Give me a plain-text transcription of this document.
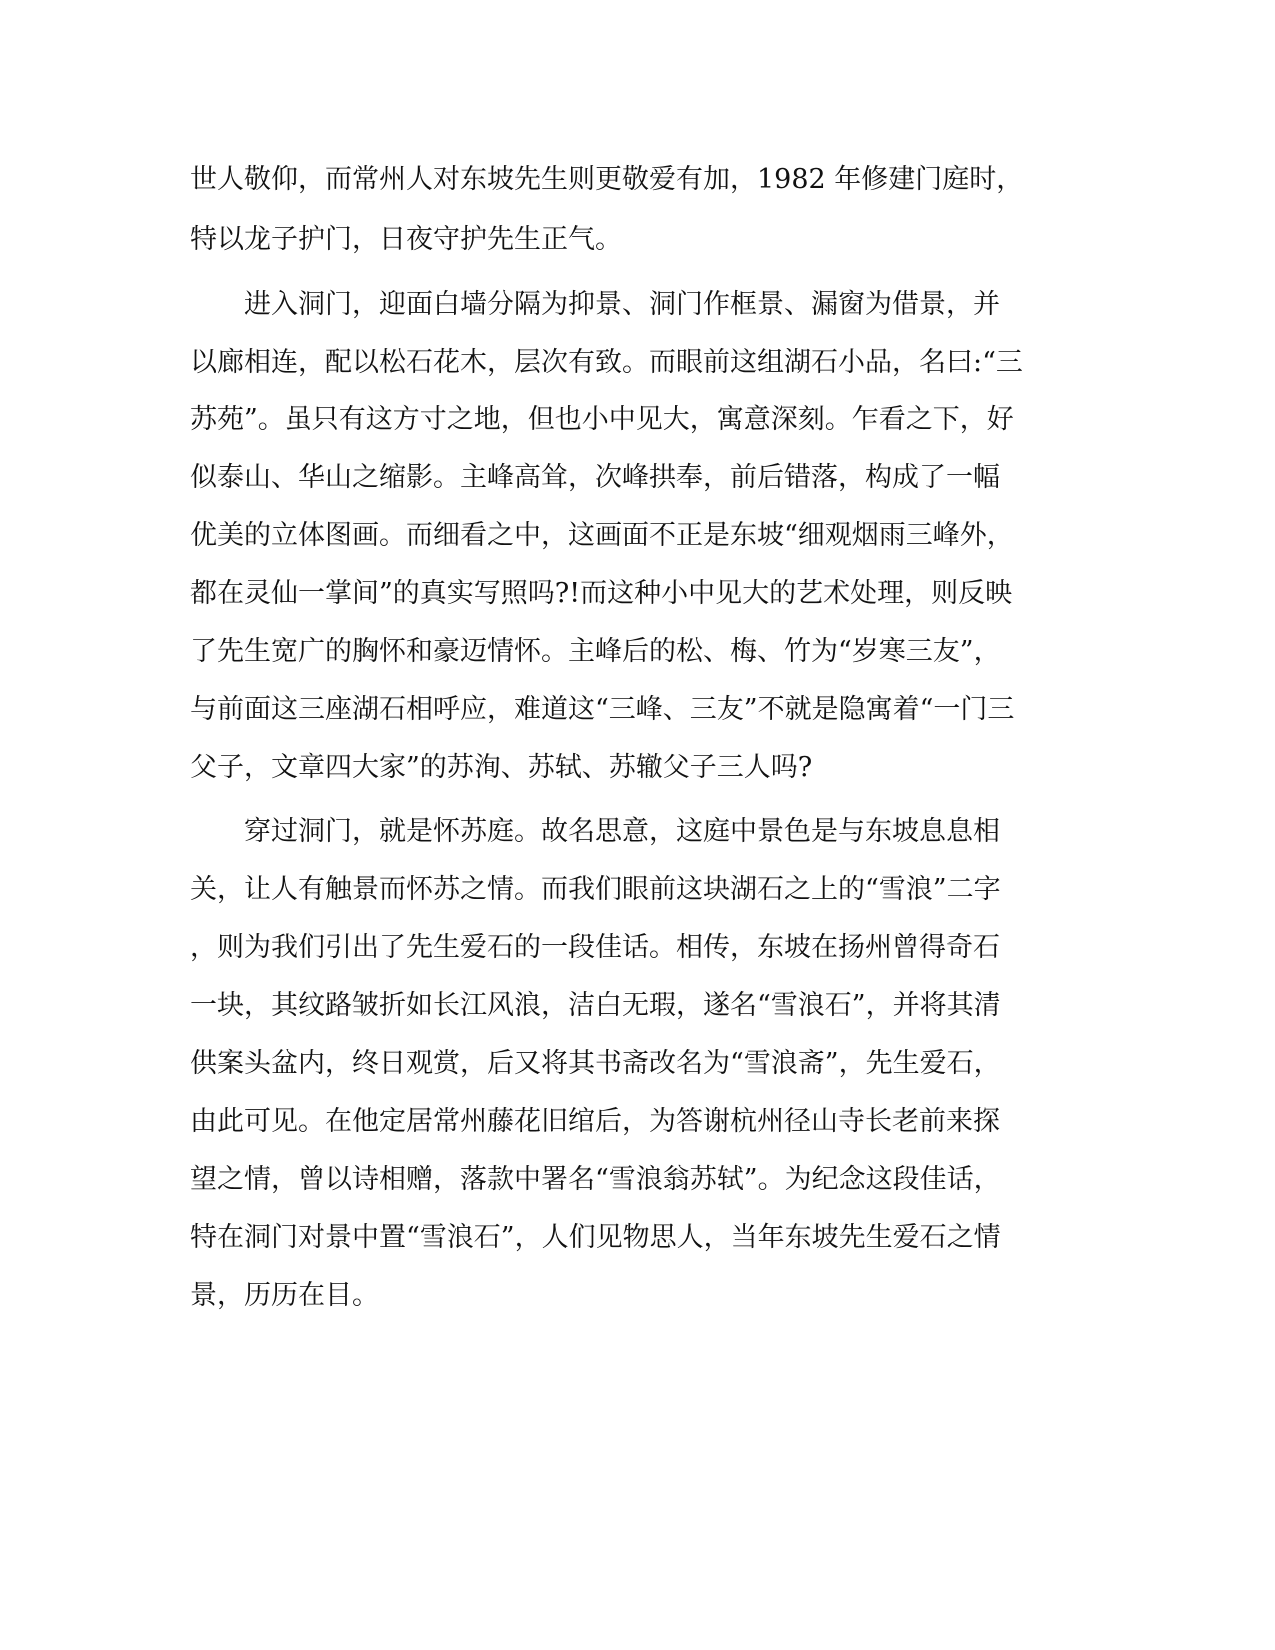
世人敬仰，而常州人对东坡先生则更敬爱有加，1982 年修建门庭时，
特以龙子护门，日夜守护先生正气。
　　进入洞门，迎面白墙分隔为抑景、洞门作框景、漏窗为借景，并
以廊相连，配以松石花木，层次有致。而眼前这组湖石小品，名曰:“三
苏苑”。虽只有这方寸之地，但也小中见大，寓意深刻。乍看之下，好
似泰山、华山之缩影。主峰高耸，次峰拱奉，前后错落，构成了一幅
优美的立体图画。而细看之中，这画面不正是东坡“细观烟雨三峰外，
都在灵仙一掌间”的真实写照吗?!而这种小中见大的艺术处理，则反映
了先生宽广的胸怀和豪迈情怀。主峰后的松、梅、竹为“岁寒三友”，
与前面这三座湖石相呼应，难道这“三峰、三友”不就是隐寓着“一门三
父子，文章四大家”的苏洵、苏轼、苏辙父子三人吗?
　　穿过洞门，就是怀苏庭。故名思意，这庭中景色是与东坡息息相
关，让人有触景而怀苏之情。而我们眼前这块湖石之上的“雪浪”二字
，则为我们引出了先生爱石的一段佳话。相传，东坡在扬州曾得奇石
一块，其纹路皱折如长江风浪，洁白无瑕，遂名“雪浪石”，并将其清
供案头盆内，终日观赏，后又将其书斋改名为“雪浪斋”，先生爱石，
由此可见。在他定居常州藤花旧绾后，为答谢杭州径山寺长老前来探
望之情，曾以诗相赠，落款中署名“雪浪翁苏轼”。为纪念这段佳话，
特在洞门对景中置“雪浪石”，人们见物思人，当年东坡先生爱石之情
景，历历在目。
